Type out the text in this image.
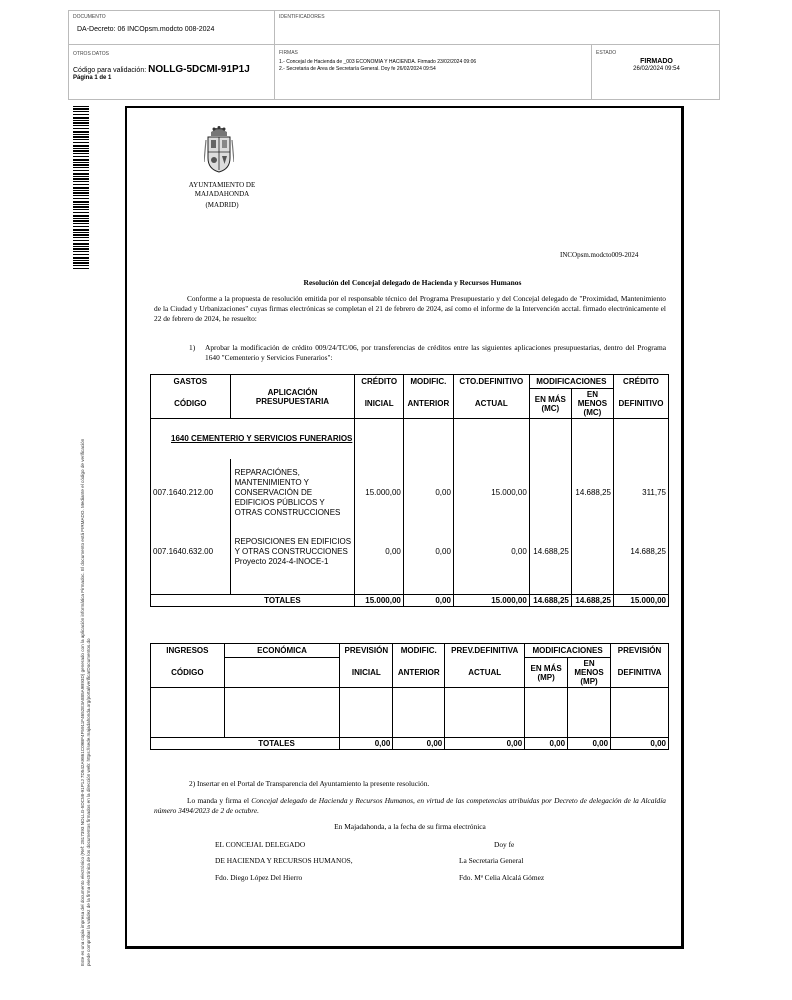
DOCUMENTO
DA-Decreto: 06 INCOpsm.modcto 008-2024
IDENTIFICADORES
OTROS DATOS
Código para validación: NOLLG-5DCMI-91P1J
Página 1 de 1
FIRMAS
1.- Concejal de Hacienda de _003 ECONOMIA Y HACIENDA. Firmado 23/02/2024 09:06
2.- Secretaria de Area de Secretaría General. Doy fe 26/02/2024 09:54
ESTADO
FIRMADO
26/02/2024 09:54
Este es una copia impresa del documento electrónico (Ref: 2817393 NOLLG-5DCMI-91P1J 7D542A9861C09BF4F5911F4652E3A885A9B93D) generado con la aplicación informática Firmadoc. El documento está FIRMADO. Mediante el código de verificación puede comprobar la validez de la firma electrónica de los documentos firmados en la dirección web: https://sede.majadahonda.org/portal/verificarDocumentos.do
AYUNTAMIENTO DE
MAJADAHONDA
(MADRID)
INCOpsm.modcto009-2024
Resolución del Concejal delegado de Hacienda y Recursos Humanos
Conforme a la propuesta de resolución emitida por el responsable técnico del Programa Presupuestario y del Concejal delegado de "Proximidad, Mantenimiento de la Ciudad y Urbanizaciones" cuyas firmas electrónicas se completan el 21 de febrero de 2024, así como el informe de la Intervención acctal. firmado electrónicamente el 22 de febrero de 2024, he resuelto:
1) Aprobar la modificación de crédito 009/24/TC/06, por transferencias de créditos entre las siguientes aplicaciones presupuestarias, dentro del Programa 1640 "Cementerio y Servicios Funerarios":
GASTOS	APLICACIÓN PRESUPUESTARIA	CRÉDITO	MODIFIC.	CTO.DEFINITIVO	MODIFICACIONES		CRÉDITO
CÓDIGO		INICIAL	ANTERIOR	ACTUAL	EN MÁS (MC)	EN MENOS (MC)	DEFINITIVO
1640 CEMENTERIO Y SERVICIOS FUNERARIOS							
007.1640.212.00	REPARACIÓNES, MANTENIMIENTO Y CONSERVACIÓN DE EDIFICIOS PÚBLICOS Y OTRAS CONSTRUCCIONES	15.000,00	0,00	15.000,00		14.688,25	311,75
007.1640.632.00	REPOSICIONES EN EDIFICIOS Y OTRAS CONSTRUCCIONES
Proyecto 2024-4-INOCE-1	0,00	0,00	0,00	14.688,25		14.688,25

	TOTALES	15.000,00	0,00	15.000,00	14.688,25	14.688,25	15.000,00
INGRESOS	ECONÓMICA	PREVISIÓN	MODIFIC.	PREV.DEFINITIVA	MODIFICACIONES		PREVISIÓN
CÓDIGO		INICIAL	ANTERIOR	ACTUAL	EN MÁS (MP)	EN MENOS (MP)	DEFINITIVA

	TOTALES	0,00	0,00	0,00	0,00	0,00	0,00
2) Insertar en el Portal de Transparencia del Ayuntamiento la presente resolución.
Lo manda y firma el Concejal delegado de Hacienda y Recursos Humanos, en virtud de las competencias atribuidas por Decreto de delegación de la Alcaldía número 3494/2023 de 2 de octubre.
En Majadahonda, a la fecha de su firma electrónica
EL CONCEJAL DELEGADO
DE HACIENDA Y RECURSOS HUMANOS,
Fdo. Diego López Del Hierro
Doy fe
La Secretaria General
Fdo. Mª Celia Alcalá Gómez
